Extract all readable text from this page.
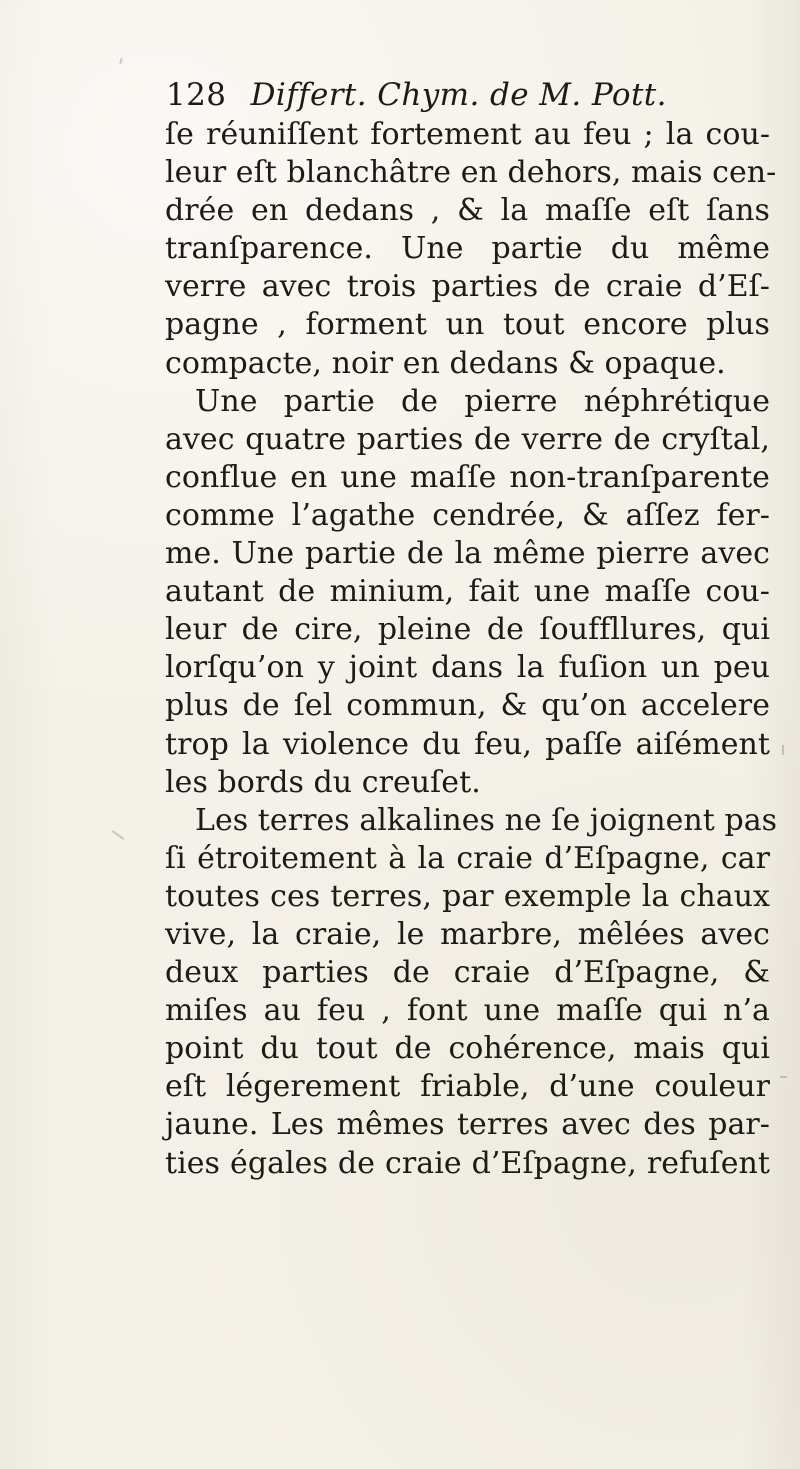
128 Differt. Chym. de M. Pott.
ſe réuniſſent fortement au feu ; la cou-
leur eſt blanchâtre en dehors, mais cen-
drée en dedans , & la maſſe eſt ſans
tranſparence. Une partie du même
verre avec trois parties de craie d’Eſ-
pagne , forment un tout encore plus
compacte, noir en dedans & opaque.
Une partie de pierre néphrétique
avec quatre parties de verre de cryſtal,
conflue en une maſſe non-tranſparente
comme l’agathe cendrée, & aſſez fer-
me. Une partie de la même pierre avec
autant de minium, fait une maſſe cou-
leur de cire, pleine de ſouffllures, qui
lorſqu’on y joint dans la fuſion un peu
plus de ſel commun, & qu’on accelere
trop la violence du feu, paſſe aiſément
les bords du creuſet.
Les terres alkalines ne ſe joignent pas
ſi étroitement à la craie d’Eſpagne, car
toutes ces terres, par exemple la chaux
vive, la craie, le marbre, mêlées avec
deux parties de craie d’Eſpagne, &
miſes au feu , font une maſſe qui n’a
point du tout de cohérence, mais qui
eſt légerement friable, d’une couleur
jaune. Les mêmes terres avec des par-
ties égales de craie d’Eſpagne, refuſent
